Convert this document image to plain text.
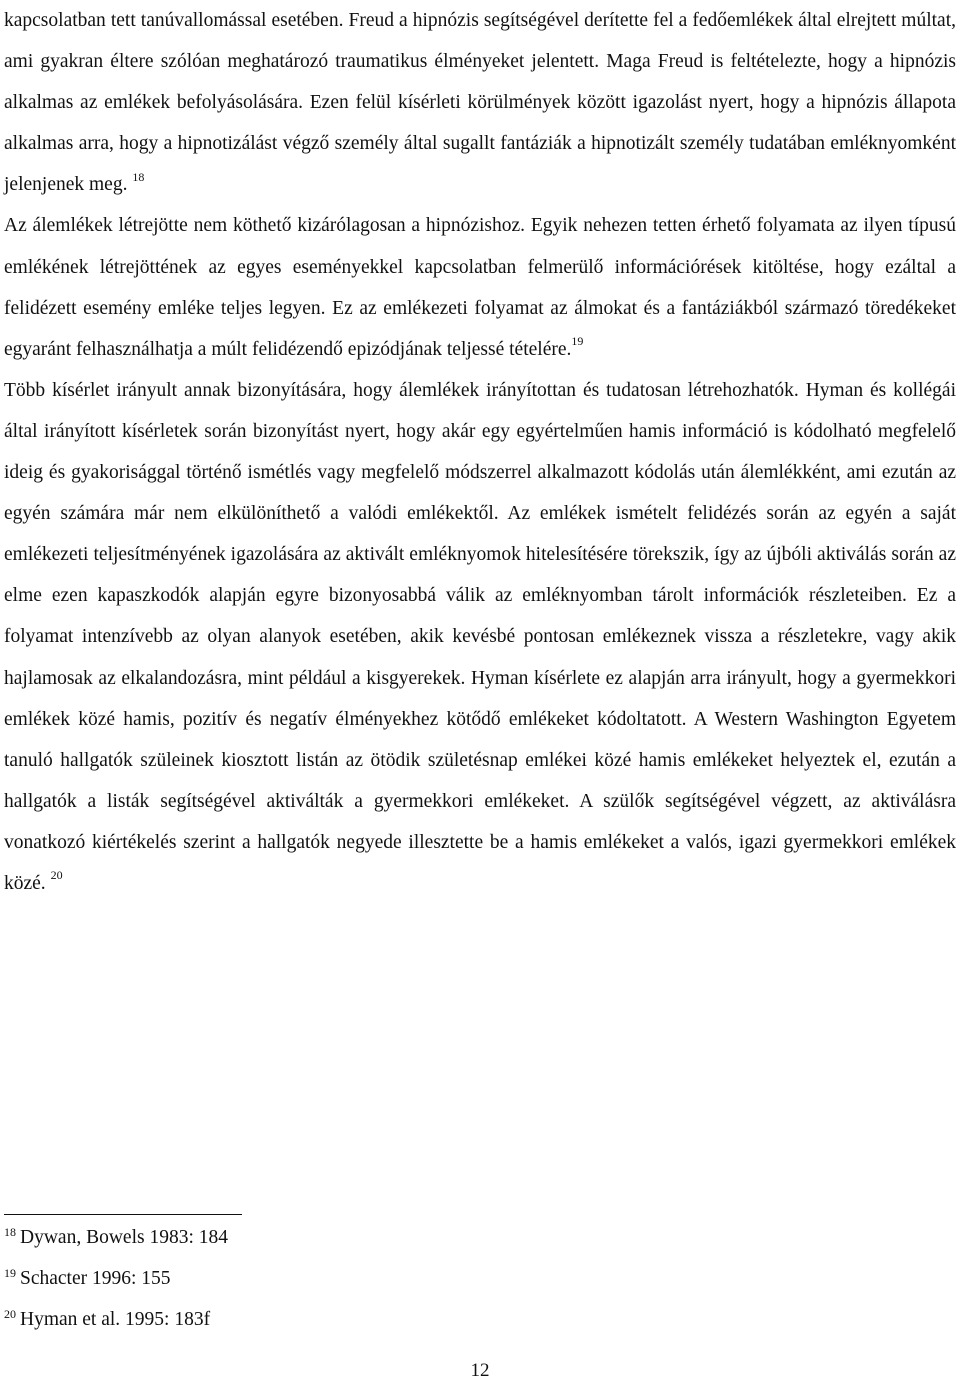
kapcsolatban tett tanúvallomással esetében. Freud a hipnózis segítségével derítette fel a fedőemlékek által elrejtett múltat, ami gyakran éltere szólóan meghatározó traumatikus élményeket jelentett. Maga Freud is feltételezte, hogy a hipnózis alkalmas az emlékek befolyásolására. Ezen felül kísérleti körülmények között igazolást nyert, hogy a hipnózis állapota alkalmas arra, hogy a hipnotizálást végző személy által sugallt fantáziák a hipnotizált személy tudatában emléknyomként jelenjenek meg. $^{18}$

Az álemlékek létrejötte nem köthető kizárólagosan a hipnózishoz. Egyik nehezen tetten érhető folyamata az ilyen típusú emlékének létrejöttének az egyes eseményekkel kapcsolatban felmerülő információrések kitöltése, hogy ezáltal a felidézett esemény emléke teljes legyen. Ez az emlékezeti folyamat az álmokat és a fantáziákból származó töredékeket egyaránt felhasználhatja a múlt felidézendő epizódjának teljessé tételére.$^{19}$

Több kísérlet irányult annak bizonyítására, hogy álemlékek irányítottan és tudatosan létrehozhatók. Hyman és kollégái által irányított kísérletek során bizonyítást nyert, hogy akár egy egyértelműen hamis információ is kódolható megfelelő ideig és gyakorisággal történő ismétlés vagy megfelelő módszerrel alkalmazott kódolás után álemlékként, ami ezután az egyén számára már nem elkülöníthető a valódi emlékektől. Az emlékek ismételt felidézés során az egyén a saját emlékezeti teljesítményének igazolására az aktivált emléknyomok hitelesítésére törekszik, így az újbóli aktiválás során az elme ezen kapaszkodók alapján egyre bizonyosabbá válik az emléknyomban tárolt információk részleteiben. Ez a folyamat intenzívebb az olyan alanyok esetében, akik kevésbé pontosan emlékeznek vissza a részletekre, vagy akik hajlamosak az elkalandozásra, mint például a kisgyerekek. Hyman kísérlete ez alapján arra irányult, hogy a gyermekkori emlékek közé hamis, pozitív és negatív élményekhez kötődő emlékeket kódoltatott. A Western Washington Egyetem tanuló hallgatók szüleinek kiosztott listán az ötödik születésnap emlékei közé hamis emlékeket helyeztek el, ezután a hallgatók a listák segítségével aktiválták a gyermekkori emlékeket. A szülők segítségével végzett, az aktiválásra vonatkozó kiértékelés szerint a hallgatók negyede illesztette be a hamis emlékeket a valós, igazi gyermekkori emlékek közé. $^{20}$

$^{18}$ Dywan, Bowels 1983: 184
$^{19}$ Schacter 1996: 155
$^{20}$ Hyman et al. 1995: 183f
12
